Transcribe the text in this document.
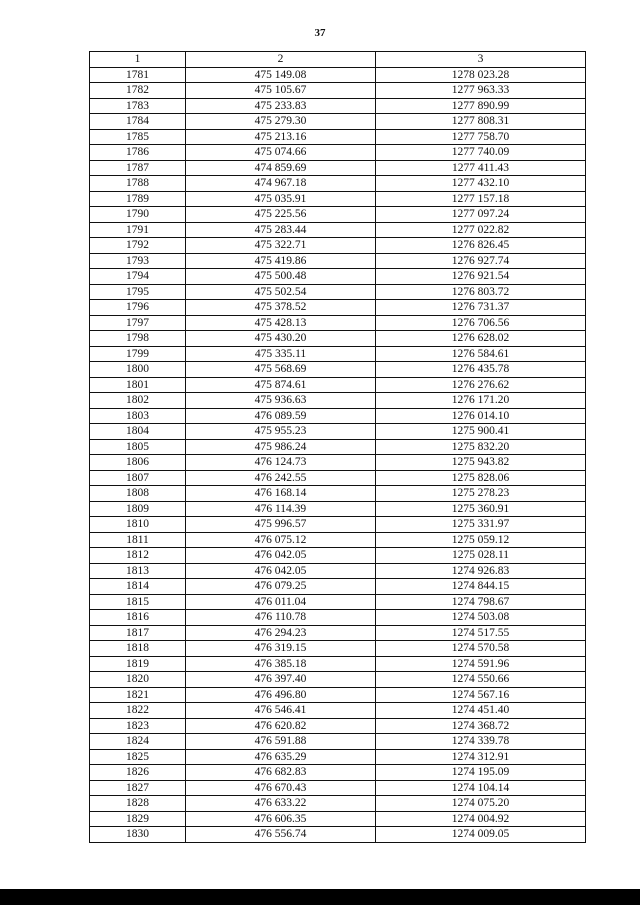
37
1	2	3
1781	475 149.08	1278 023.28
1782	475 105.67	1277 963.33
1783	475 233.83	1277 890.99
1784	475 279.30	1277 808.31
1785	475 213.16	1277 758.70
1786	475 074.66	1277 740.09
1787	474 859.69	1277 411.43
1788	474 967.18	1277 432.10
1789	475 035.91	1277 157.18
1790	475 225.56	1277 097.24
1791	475 283.44	1277 022.82
1792	475 322.71	1276 826.45
1793	475 419.86	1276 927.74
1794	475 500.48	1276 921.54
1795	475 502.54	1276 803.72
1796	475 378.52	1276 731.37
1797	475 428.13	1276 706.56
1798	475 430.20	1276 628.02
1799	475 335.11	1276 584.61
1800	475 568.69	1276 435.78
1801	475 874.61	1276 276.62
1802	475 936.63	1276 171.20
1803	476 089.59	1276 014.10
1804	475 955.23	1275 900.41
1805	475 986.24	1275 832.20
1806	476 124.73	1275 943.82
1807	476 242.55	1275 828.06
1808	476 168.14	1275 278.23
1809	476 114.39	1275 360.91
1810	475 996.57	1275 331.97
1811	476 075.12	1275 059.12
1812	476 042.05	1275 028.11
1813	476 042.05	1274 926.83
1814	476 079.25	1274 844.15
1815	476 011.04	1274 798.67
1816	476 110.78	1274 503.08
1817	476 294.23	1274 517.55
1818	476 319.15	1274 570.58
1819	476 385.18	1274 591.96
1820	476 397.40	1274 550.66
1821	476 496.80	1274 567.16
1822	476 546.41	1274 451.40
1823	476 620.82	1274 368.72
1824	476 591.88	1274 339.78
1825	476 635.29	1274 312.91
1826	476 682.83	1274 195.09
1827	476 670.43	1274 104.14
1828	476 633.22	1274 075.20
1829	476 606.35	1274 004.92
1830	476 556.74	1274 009.05
